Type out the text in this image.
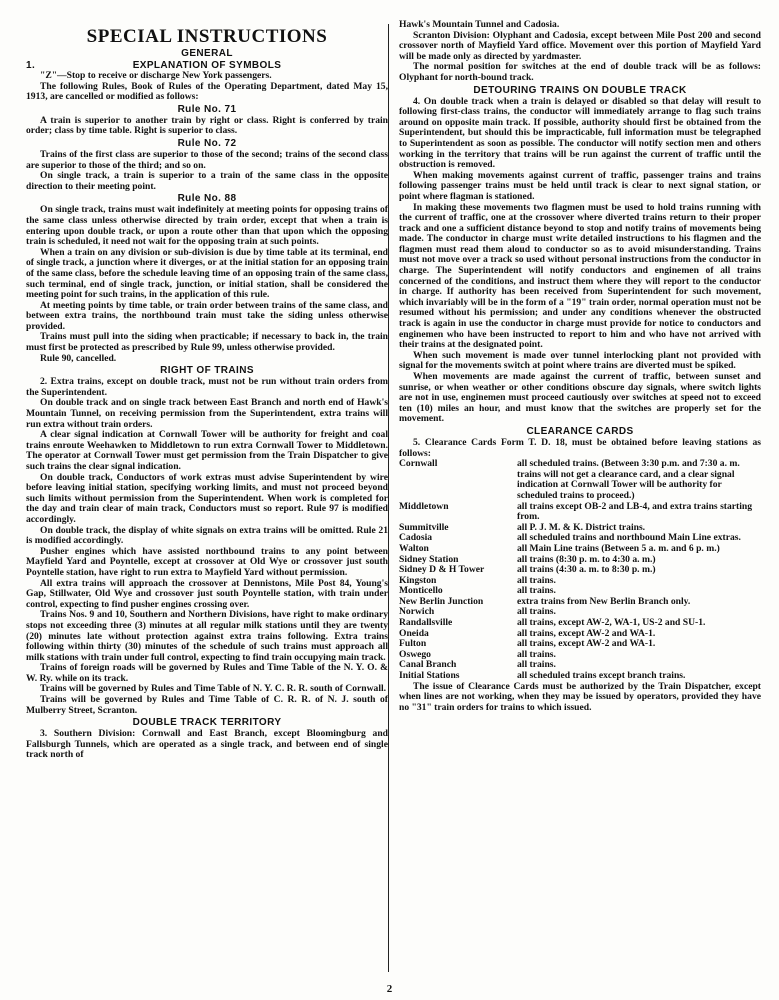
SPECIAL INSTRUCTIONS
GENERAL
1.	EXPLANATION OF SYMBOLS

"Z"—Stop to receive or discharge New York passengers.

The following Rules, Book of Rules of the Operating Department, dated May 15, 1913, are cancelled or modified as follows:

Rule No. 71

A train is superior to another train by right or class. Right is conferred by train order; class by time table. Right is superior to class.

Rule No. 72

Trains of the first class are superior to those of the second; trains of the second class are superior to those of the third; and so on.

On single track, a train is superior to a train of the same class in the opposite direction to their meeting point.

Rule No. 88

On single track, trains must wait indefinitely at meeting points for opposing trains of the same class unless otherwise directed by train order, except that when a train is entering upon double track, or upon a route other than that upon which the opposing train is scheduled, it need not wait for the opposing train at such points.

When a train on any division or sub-division is due by time table at its terminal, end of single track, a junction where it diverges, or at the initial station for an opposing train of the same class, before the schedule leaving time of an opposing train of the same class, such terminal, end of single track, junction, or initial station, shall be considered the meeting point for such trains, in the application of this rule.

At meeting points by time table, or train order between trains of the same class, and between extra trains, the northbound train must take the siding unless otherwise provided.

Trains must pull into the siding when practicable; if necessary to back in, the train must first be protected as prescribed by Rule 99, unless otherwise provided.

Rule 90, cancelled.

RIGHT OF TRAINS

2. Extra trains, except on double track, must not be run without train orders from the Superintendent.

On double track and on single track between East Branch and north end of Hawk's Mountain Tunnel, on receiving permission from the Superintendent, extra trains will run extra without train orders.

A clear signal indication at Cornwall Tower will be authority for freight and coal trains enroute Weehawken to Middletown to run extra Cornwall Tower to Middletown. The operator at Cornwall Tower must get permission from the Train Dispatcher to give such trains the clear signal indication.

On double track, Conductors of work extras must advise Superintendent by wire before leaving initial station, specifying working limits, and must not proceed beyond such limits without permission from the Superintendent. When work is completed for the day and train clear of main track, Conductors must so report. Rule 97 is modified accordingly.

On double track, the display of white signals on extra trains will be omitted. Rule 21 is modified accordingly.

Pusher engines which have assisted northbound trains to any point between Mayfield Yard and Poyntelle, except at crossover at Old Wye or crossover just south Poyntelle station, have right to run extra to Mayfield Yard without permission.

All extra trains will approach the crossover at Dennistons, Mile Post 84, Young's Gap, Stillwater, Old Wye and crossover just south Poyntelle station, with train under control, expecting to find pusher engines crossing over.

Trains Nos. 9 and 10, Southern and Northern Divisions, have right to make ordinary stops not exceeding three (3) minutes at all regular milk stations until they are twenty (20) minutes late without protection against extra trains following. Extra trains following within thirty (30) minutes of the schedule of such trains must approach all milk stations with train under full control, expecting to find train occupying main track.

Trains of foreign roads will be governed by Rules and Time Table of the N. Y. O. & W. Ry. while on its track.

Trains will be governed by Rules and Time Table of N. Y. C. R. R. south of Cornwall.

Trains will be governed by Rules and Time Table of C. R. R. of N. J. south of Mulberry Street, Scranton.

DOUBLE TRACK TERRITORY

3. Southern Division: Cornwall and East Branch, except Bloomingburg and Fallsburgh Tunnels, which are operated as a single track, and between end of single track north of

Hawk's Mountain Tunnel and Cadosia.

Scranton Division: Olyphant and Cadosia, except between Mile Post 200 and second crossover north of Mayfield Yard office. Movement over this portion of Mayfield Yard will be made only as directed by yardmaster.

The normal position for switches at the end of double track will be as follows: Olyphant for north-bound track.

DETOURING TRAINS ON DOUBLE TRACK

4. On double track when a train is delayed or disabled so that delay will result to following first-class trains, the conductor will immediately arrange to flag such trains around on opposite main track. If possible, authority should first be obtained from the Superintendent, but should this be impracticable, full information must be telegraphed to Superintendent as soon as possible. The conductor will notify section men and others working in the territory that trains will be run against the current of traffic until the obstruction is removed.

When making movements against current of traffic, passenger trains and trains following passenger trains must be held until track is clear to next signal station, or point where flagman is stationed.

In making these movements two flagmen must be used to hold trains running with the current of traffic, one at the crossover where diverted trains return to their proper track and one a sufficient distance beyond to stop and notify trains of movements being made. The conductor in charge must write detailed instructions to his flagmen and the flagmen must read them aloud to conductor so as to avoid misunderstanding. Trains must not move over a track so used without personal instructions from the conductor in charge. The Superintendent will notify conductors and enginemen of all trains concerned of the conditions, and instruct them where they will report to the conductor in charge. If authority has been received from Superintendent for such movement, which invariably will be in the form of a "19" train order, normal operation must not be resumed without his permission; and under any conditions whenever the obstructed track is again in use the conductor in charge must provide for notice to conductors and enginemen who have been instructed to report to him and who have not arrived with their trains at the designated point.

When such movement is made over tunnel interlocking plant not provided with signal for the movements switch at point where trains are diverted must be spiked.

When movements are made against the current of traffic, between sunset and sunrise, or when weather or other conditions obscure day signals, where switch lights are not in use, enginemen must proceed cautiously over switches at speed not to exceed ten (10) miles an hour, and must know that the switches are properly set for the movement.

CLEARANCE CARDS

5. Clearance Cards Form T. D. 18, must be obtained before leaving stations as follows:

Cornwall	all scheduled trains. (Between 3:30 p.m. and 7:30 a. m. trains will not get a clearance card, and a clear signal indication at Cornwall Tower will be authority for scheduled trains to proceed.)
Middletown	all trains except OB-2 and LB-4, and extra trains starting from.
Summitville	all P. J. M. & K. District trains.
Cadosia	all scheduled trains and northbound Main Line extras.
Walton	all Main Line trains (Between 5 a. m. and 6 p. m.)
Sidney Station	all trains (8:30 p. m. to 4:30 a. m.)
Sidney D & H Tower	all trains (4:30 a. m. to 8:30 p. m.)
Kingston	all trains.
Monticello	all trains.
New Berlin Junction	extra trains from New Berlin Branch only.
Norwich	all trains.
Randallsville	all trains, except AW-2, WA-1, US-2 and SU-1.
Oneida	all trains, except AW-2 and WA-1.
Fulton	all trains, except AW-2 and WA-1.
Oswego	all trains.
Canal Branch	all trains.
Initial Stations	all scheduled trains except branch trains.

The issue of Clearance Cards must be authorized by the Train Dispatcher, except when lines are not working, when they may be issued by operators, provided they have no "31" train orders for trains to which issued.

2
